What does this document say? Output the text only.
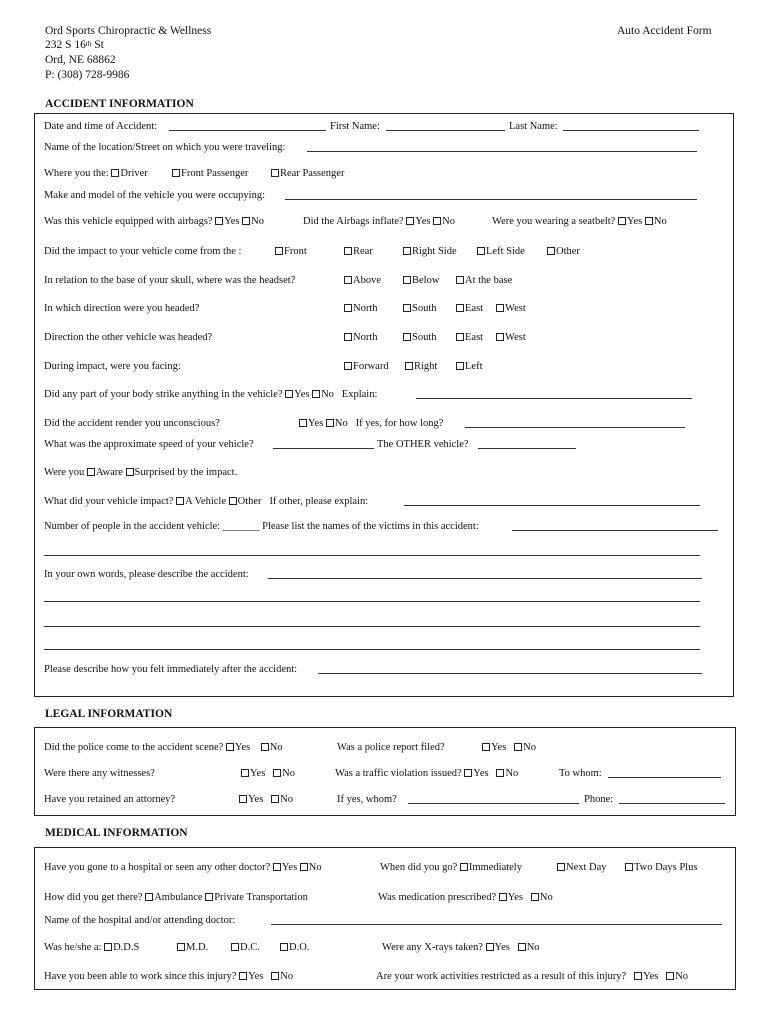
Ord Sports Chiropractic & Wellness
232 S 16th St
Ord, NE 68862
P: (308) 728-9986
Auto Accident Form
ACCIDENT INFORMATION
Date and time of Accident:	First Name:	Last Name:
Name of the location/Street on which you were traveling:
Where you the: Driver	Front Passenger	Rear Passenger
Make and model of the vehicle you were occupying:
Was this vehicle equipped with airbags? Yes No	Did the Airbags inflate? Yes No	Were you wearing a seatbelt? Yes No
Did the impact to your vehicle come from the :	Front	Rear	Right Side	Left Side	Other
In relation to the base of your skull, where was the headset?	Above	Below	At the base
In which direction were you headed?	North	South	East	West
Direction the other vehicle was headed?	North	South	East	West
During impact, were you facing:	Forward	Right	Left
Did any part of your body strike anything in the vehicle? Yes No Explain:
Did the accident render you unconscious?	Yes No If yes, for how long?
What was the approximate speed of your vehicle?	The OTHER vehicle?
Were you Aware Surprised by the impact.
What did your vehicle impact? A Vehicle Other If other, please explain:
Number of people in the accident vehicle: _______ Please list the names of the victims in this accident:
In your own words, please describe the accident:
Please describe how you felt immediately after the accident:
LEGAL INFORMATION
Did the police come to the accident scene? Yes    No	Was a police report filed?	Yes   No
Were there any witnesses?	Yes   No	Was a traffic violation issued? Yes   No	To whom:
Have you retained an attorney?	Yes   No	If yes, whom?	Phone:
MEDICAL INFORMATION
Have you gone to a hospital or seen any other doctor? Yes No	When did you go? Immediately	Next Day	Two Days Plus
How did you get there? Ambulance Private Transportation	Was medication prescribed? Yes   No
Name of the hospital and/or attending doctor:
Was he/she a: D.D.S	M.D.	D.C.	D.O.	Were any X-rays taken? Yes   No
Have you been able to work since this injury? Yes   No	Are your work activities restricted as a result of this injury?   Yes   No
